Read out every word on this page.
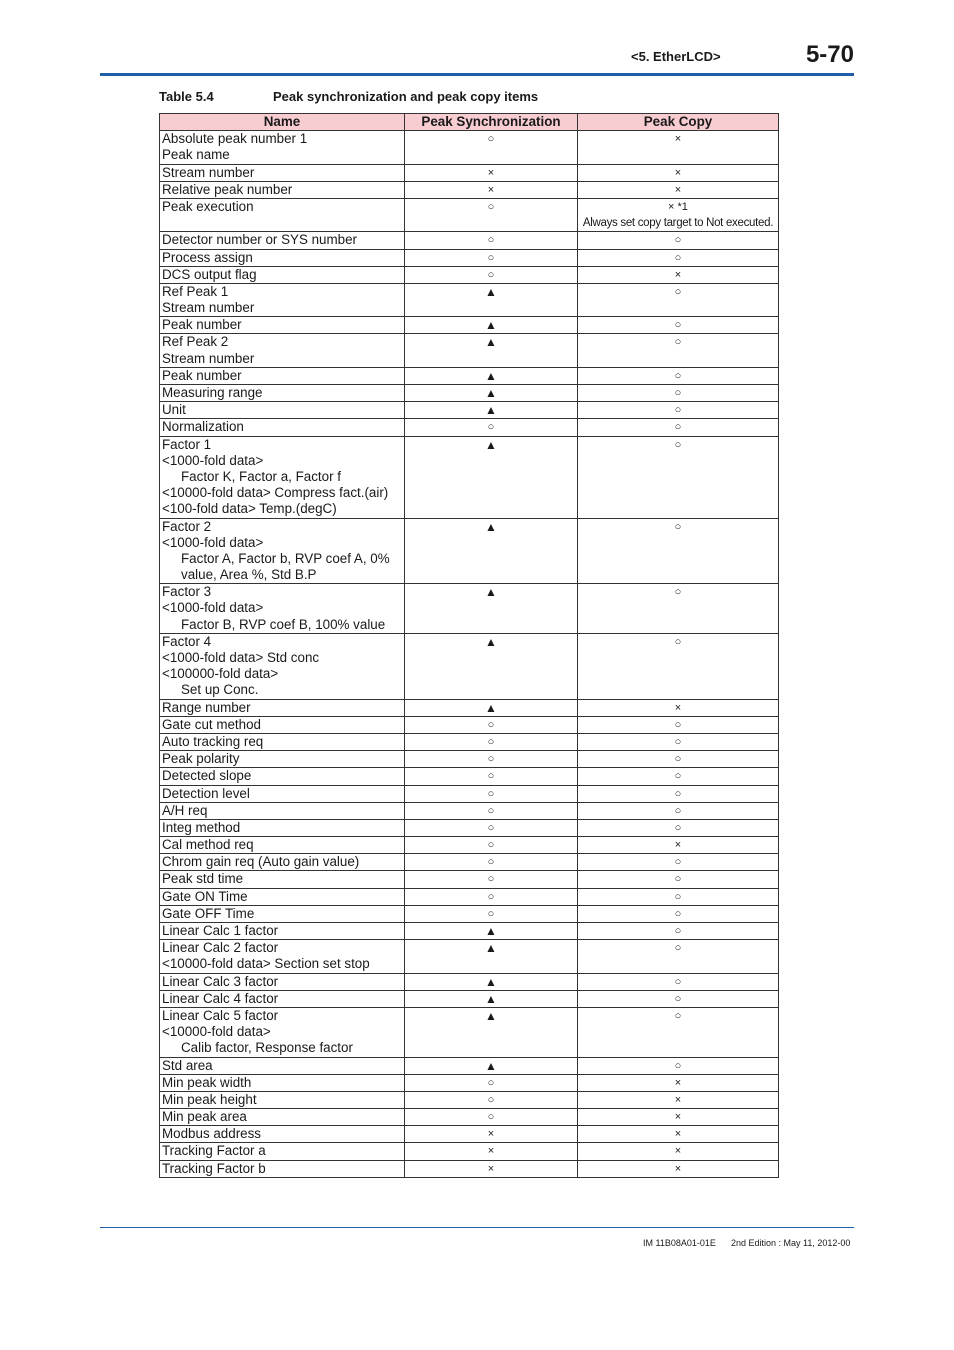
<5. EtherLCD>	5-70
Table 5.4	Peak synchronization and peak copy items
Name	Peak Synchronization	Peak Copy

Absolute peak number 1
Peak name	○	×

Stream number	×	×

Relative peak number	×	×

Peak execution	○	× *1
Always set copy target to Not executed.

Detector number or SYS number	○	○

Process assign	○	○

DCS output flag	○	×

Ref Peak 1
Stream number	▲	○

Peak number	▲	○

Ref Peak 2
Stream number	▲	○

Peak number	▲	○

Measuring range	▲	○

Unit	▲	○

Normalization	○	○

Factor 1
<1000-fold data>
Factor K, Factor a, Factor f
<10000-fold data> Compress fact.(air)
<100-fold data> Temp.(degC)	▲	○

Factor 2
<1000-fold data>
Factor A, Factor b, RVP coef A, 0%
value, Area %, Std B.P	▲	○

Factor 3
<1000-fold data>
Factor B, RVP coef B, 100% value	▲	○

Factor 4
<1000-fold data> Std conc
<100000-fold data>
Set up Conc.	▲	○

Range number	▲	×

Gate cut method	○	○

Auto tracking req	○	○

Peak polarity	○	○

Detected slope	○	○

Detection level	○	○

A/H req	○	○

Integ method	○	○

Cal method req	○	×

Chrom gain req (Auto gain value)	○	○

Peak std time	○	○

Gate ON Time	○	○

Gate OFF Time	○	○

Linear Calc 1 factor	▲	○

Linear Calc 2 factor
<10000-fold data> Section set stop	▲	○

Linear Calc 3 factor	▲	○

Linear Calc 4 factor	▲	○

Linear Calc 5 factor
<10000-fold data>
Calib factor, Response factor	▲	○

Std area	▲	○

Min peak width	○	×

Min peak height	○	×

Min peak area	○	×

Modbus address	×	×

Tracking Factor a	×	×

Tracking Factor b	×	×
IM 11B08A01-01E 2nd Edition : May 11, 2012-00
